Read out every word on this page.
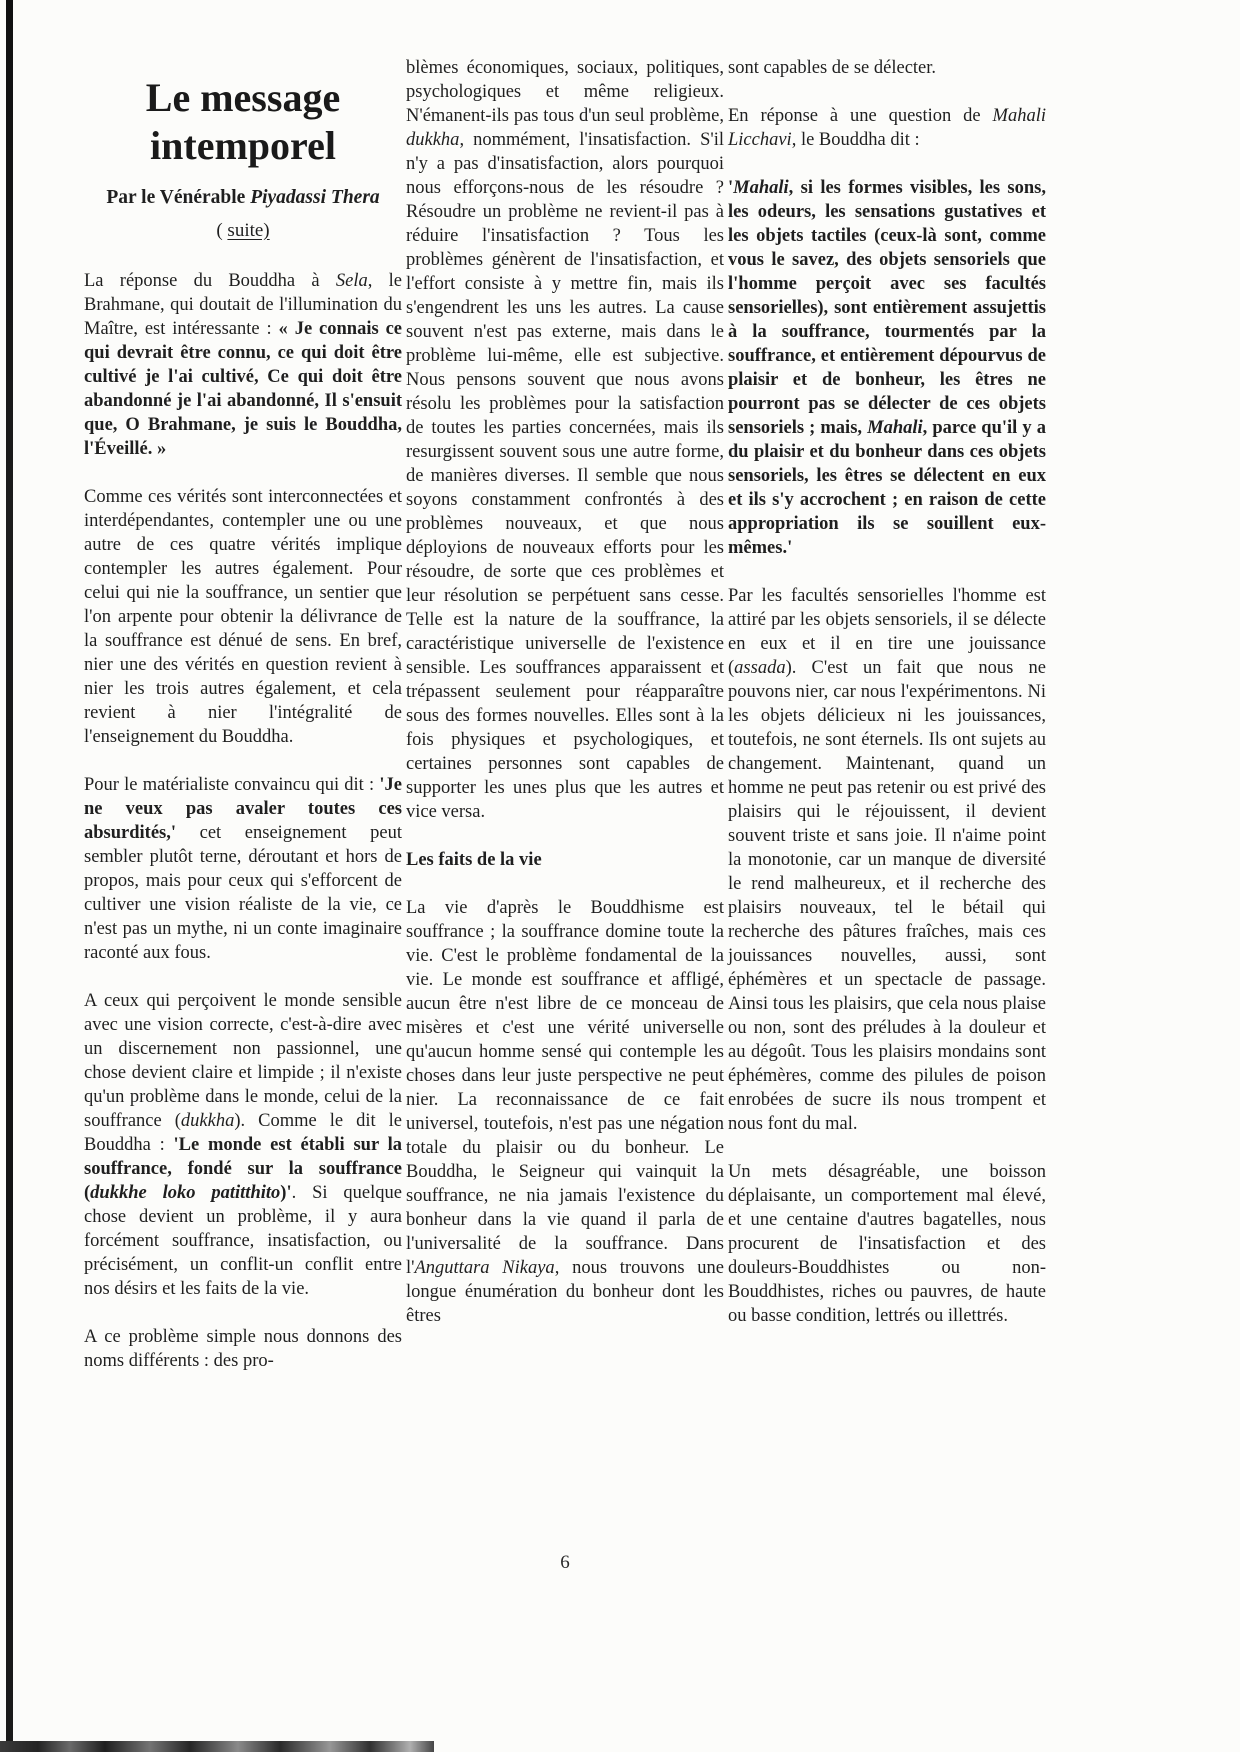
Le message intemporel
Par le Vénérable Piyadassi Thera
( suite)
La réponse du Bouddha à Sela, le Brahmane, qui doutait de l'illumination du Maître, est intéressante : « Je connais ce qui devrait être connu, ce qui doit être cultivé je l'ai cultivé, Ce qui doit être abandonné je l'ai abandonné, Il s'ensuit que, O Brahmane, je suis le Bouddha, l'Éveillé. »
Comme ces vérités sont interconnectées et interdépendantes, contempler une ou une autre de ces quatre vérités implique contempler les autres également. Pour celui qui nie la souffrance, un sentier que l'on arpente pour obtenir la délivrance de la souffrance est dénué de sens. En bref, nier une des vérités en question revient à nier les trois autres également, et cela revient à nier l'intégralité de l'enseignement du Bouddha.
Pour le matérialiste convaincu qui dit : 'Je ne veux pas avaler toutes ces absurdités,' cet enseignement peut sembler plutôt terne, déroutant et hors de propos, mais pour ceux qui s'efforcent de cultiver une vision réaliste de la vie, ce n'est pas un mythe, ni un conte imaginaire raconté aux fous.
A ceux qui perçoivent le monde sensible avec une vision correcte, c'est-à-dire avec un discernement non passionnel, une chose devient claire et limpide ; il n'existe qu'un problème dans le monde, celui de la souffrance (dukkha). Comme le dit le Bouddha : 'Le monde est établi sur la souffrance, fondé sur la souffrance (dukkhe loko patitthito)'. Si quelque chose devient un problème, il y aura forcément souffrance, insatisfaction, ou précisément, un conflit-un conflit entre nos désirs et les faits de la vie.
A ce problème simple nous donnons des noms différents : des pro-
blèmes économiques, sociaux, politiques, psychologiques et même religieux. N'émanent-ils pas tous d'un seul problème, dukkha, nommément, l'insatisfaction. S'il n'y a pas d'insatisfaction, alors pourquoi nous efforçons-nous de les résoudre ? Résoudre un problème ne revient-il pas à réduire l'insatisfaction ? Tous les problèmes génèrent de l'insatisfaction, et l'effort consiste à y mettre fin, mais ils s'engendrent les uns les autres. La cause souvent n'est pas externe, mais dans le problème lui-même, elle est subjective. Nous pensons souvent que nous avons résolu les problèmes pour la satisfaction de toutes les parties concernées, mais ils resurgissent souvent sous une autre forme, de manières diverses. Il semble que nous soyons constamment confrontés à des problèmes nouveaux, et que nous déployions de nouveaux efforts pour les résoudre, de sorte que ces problèmes et leur résolution se perpétuent sans cesse. Telle est la nature de la souffrance, la caractéristique universelle de l'existence sensible. Les souffrances apparaissent et trépassent seulement pour réapparaître sous des formes nouvelles. Elles sont à la fois physiques et psychologiques, et certaines personnes sont capables de supporter les unes plus que les autres et vice versa.
Les faits de la vie
La vie d'après le Bouddhisme est souffrance ; la souffrance domine toute la vie. C'est le problème fondamental de la vie. Le monde est souffrance et affligé, aucun être n'est libre de ce monceau de misères et c'est une vérité universelle qu'aucun homme sensé qui contemple les choses dans leur juste perspective ne peut nier. La reconnaissance de ce fait universel, toutefois, n'est pas une négation totale du plaisir ou du bonheur. Le Bouddha, le Seigneur qui vainquit la souffrance, ne nia jamais l'existence du bonheur dans la vie quand il parla de l'universalité de la souffrance. Dans l'Anguttara Nikaya, nous trouvons une longue énumération du bonheur dont les êtres
sont capables de se délecter.
En réponse à une question de Mahali Licchavi, le Bouddha dit :
'Mahali, si les formes visibles, les sons, les odeurs, les sensations gustatives et les objets tactiles (ceux-là sont, comme vous le savez, des objets sensoriels que l'homme perçoit avec ses facultés sensorielles), sont entièrement assujettis à la souffrance, tourmentés par la souffrance, et entièrement dépourvus de plaisir et de bonheur, les êtres ne pourront pas se délecter de ces objets sensoriels ; mais, Mahali, parce qu'il y a du plaisir et du bonheur dans ces objets sensoriels, les êtres se délectent en eux et ils s'y accrochent ; en raison de cette appropriation ils se souillent eux-mêmes.'
Par les facultés sensorielles l'homme est attiré par les objets sensoriels, il se délecte en eux et il en tire une jouissance (assada). C'est un fait que nous ne pouvons nier, car nous l'expérimentons. Ni les objets délicieux ni les jouissances, toutefois, ne sont éternels. Ils ont sujets au changement. Maintenant, quand un homme ne peut pas retenir ou est privé des plaisirs qui le réjouissent, il devient souvent triste et sans joie. Il n'aime point la monotonie, car un manque de diversité le rend malheureux, et il recherche des plaisirs nouveaux, tel le bétail qui recherche des pâtures fraîches, mais ces jouissances nouvelles, aussi, sont éphémères et un spectacle de passage. Ainsi tous les plaisirs, que cela nous plaise ou non, sont des préludes à la douleur et au dégoût. Tous les plaisirs mondains sont éphémères, comme des pilules de poison enrobées de sucre ils nous trompent et nous font du mal.
Un mets désagréable, une boisson déplaisante, un comportement mal élevé, et une centaine d'autres bagatelles, nous procurent de l'insatisfaction et des douleurs-Bouddhistes ou non-Bouddhistes, riches ou pauvres, de haute ou basse condition, lettrés ou illettrés.
6
